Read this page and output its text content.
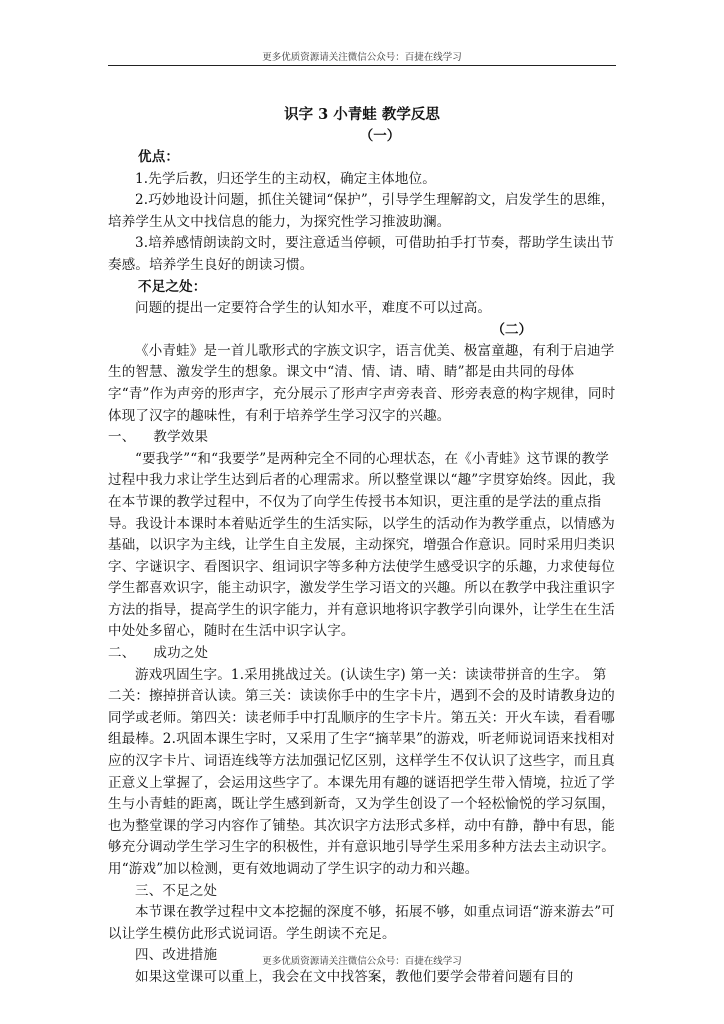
更多优质资源请关注微信公众号：百捷在线学习
识字 3 小青蛙 教学反思
（一）

优点：

1.先学后教，归还学生的主动权，确定主体地位。

2.巧妙地设计问题，抓住关键词“保护”，引导学生理解韵文，启发学生的思维，培养学生从文中找信息的能力，为探究性学习推波助澜。

3.培养感情朗读韵文时，要注意适当停顿，可借助拍手打节奏，帮助学生读出节奏感。培养学生良好的朗读习惯。

不足之处：

问题的提出一定要符合学生的认知水平，难度不可以过高。

（二）

《小青蛙》是一首儿歌形式的字族文识字，语言优美、极富童趣，有利于启迪学生的智慧、激发学生的想象。课文中“清、情、请、晴、睛”都是由共同的母体字“青”作为声旁的形声字，充分展示了形声字声旁表音、形旁表意的构字规律，同时体现了汉字的趣味性，有利于培养学生学习汉字的兴趣。

一、    教学效果

“要我学”“和“我要学”是两种完全不同的心理状态，在《小青蛙》这节课的教学过程中我力求让学生达到后者的心理需求。所以整堂课以“趣”字贯穿始终。因此，我在本节课的教学过程中，不仅为了向学生传授书本知识，更注重的是学法的重点指导。我设计本课时本着贴近学生的生活实际，以学生的活动作为教学重点，以情感为基础，以识字为主线，让学生自主发展，主动探究，增强合作意识。同时采用归类识字、字谜识字、看图识字、组词识字等多种方法使学生感受识字的乐趣，力求使每位学生都喜欢识字，能主动识字，激发学生学习语文的兴趣。所以在教学中我注重识字方法的指导，提高学生的识字能力，并有意识地将识字教学引向课外，让学生在生活中处处多留心，随时在生活中识字认字。

二、    成功之处

游戏巩固生字。1.采用挑战过关。(认读生字) 第一关：读读带拼音的生字。 第二关：擦掉拼音认读。第三关：读读你手中的生字卡片，遇到不会的及时请教身边的同学或老师。第四关：读老师手中打乱顺序的生字卡片。第五关：开火车读，看看哪组最棒。2.巩固本课生字时，又采用了生字“摘苹果”的游戏，听老师说词语来找相对应的汉字卡片、词语连线等方法加强记忆区别，这样学生不仅认识了这些字，而且真正意义上掌握了，会运用这些字了。本课先用有趣的谜语把学生带入情境，拉近了学生与小青蛙的距离，既让学生感到新奇，又为学生创设了一个轻松愉悦的学习氛围，也为整堂课的学习内容作了铺垫。其次识字方法形式多样，动中有静，静中有思，能够充分调动学生学习生字的积极性，并有意识地引导学生采用多种方法去主动识字。用“游戏”加以检测，更有效地调动了学生识字的动力和兴趣。

三、不足之处

本节课在教学过程中文本挖掘的深度不够，拓展不够，如重点词语“游来游去”可以让学生模仿此形式说词语。学生朗读不充足。

四、改进措施

如果这堂课可以重上，我会在文中找答案，教他们要学会带着问题有目的

更多优质资源请关注微信公众号：百捷在线学习
